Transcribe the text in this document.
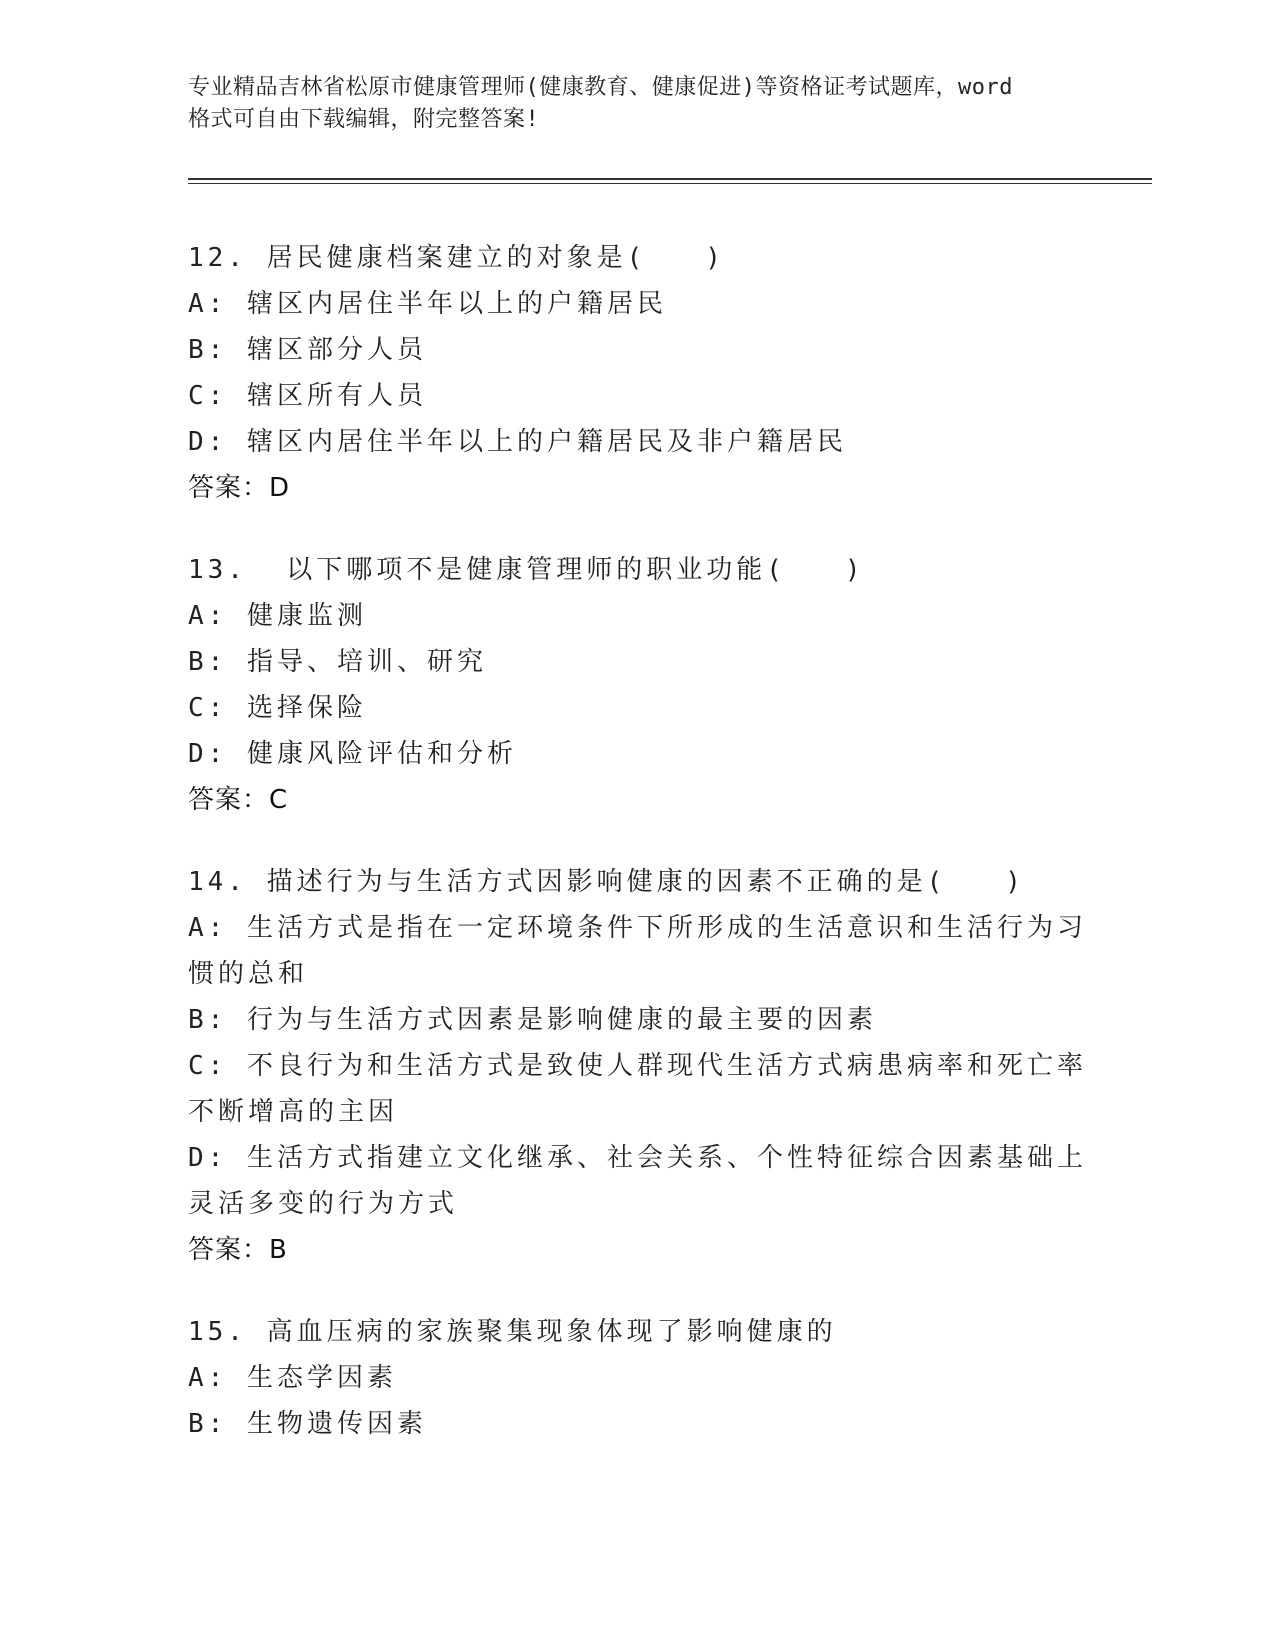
专业精品吉林省松原市健康管理师(健康教育、健康促进)等资格证考试题库，word
格式可自由下载编辑，附完整答案!
12. 居民健康档案建立的对象是(   )
A: 辖区内居住半年以上的户籍居民
B: 辖区部分人员
C: 辖区所有人员
D: 辖区内居住半年以上的户籍居民及非户籍居民
答案：D
13.  以下哪项不是健康管理师的职业功能(   )
A: 健康监测
B: 指导、培训、研究
C: 选择保险
D: 健康风险评估和分析
答案：C
14. 描述行为与生活方式因影响健康的因素不正确的是(   )
A: 生活方式是指在一定环境条件下所形成的生活意识和生活行为习惯的总和
B: 行为与生活方式因素是影响健康的最主要的因素
C: 不良行为和生活方式是致使人群现代生活方式病患病率和死亡率不断增高的主因
D: 生活方式指建立文化继承、社会关系、个性特征综合因素基础上灵活多变的行为方式
答案：B
15. 高血压病的家族聚集现象体现了影响健康的
A: 生态学因素
B: 生物遗传因素
